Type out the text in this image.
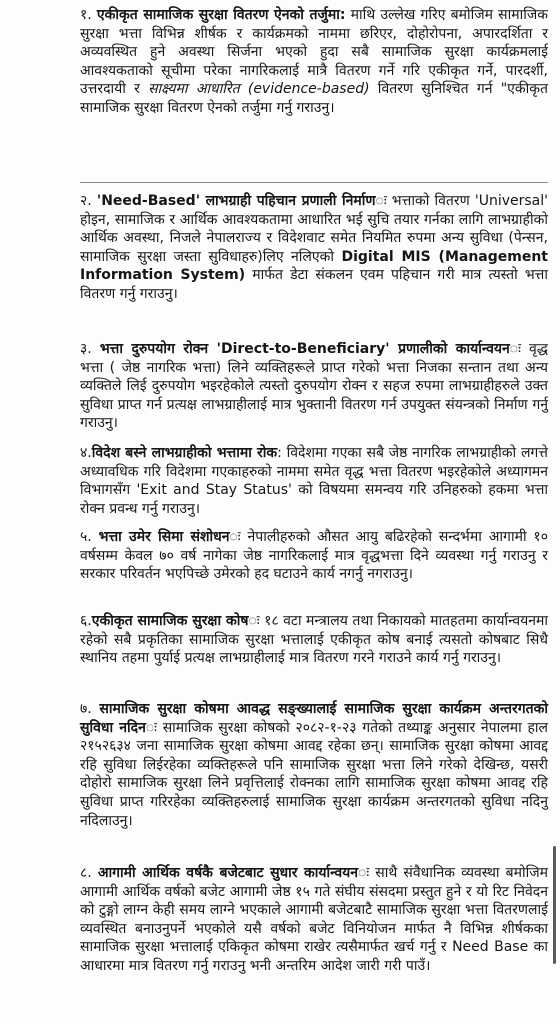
१. एकीकृत सामाजिक सुरक्षा वितरण ऐनको तर्जुमा: माथि उल्लेख गरिए बमोजिम सामाजिक सुरक्षा भत्ता विभिन्न शीर्षक र कार्यक्रमको नाममा छरिएर, दोहोरोपना, अपारदर्शिता र अव्यवस्थित हुने अवस्था सिर्जना भएको हुदा सबै सामाजिक सुरक्षा कार्यक्रमलाई आवश्यकताको सूचीमा परेका नागरिकलाई मात्रै वितरण गर्ने गरि एकीकृत गर्ने, पारदर्शी, उत्तरदायी र साक्ष्यमा आधारित (evidence-based) वितरण सुनिश्चित गर्न "एकीकृत सामाजिक सुरक्षा वितरण ऐनको तर्जुमा गर्नु गराउनु।

२. 'Need-Based' लाभग्राही पहिचान प्रणाली निर्माणः भत्ताको वितरण 'Universal' होइन, सामाजिक र आर्थिक आवश्यकतामा आधारित भई सुचि तयार गर्नका लागि लाभग्राहीको आर्थिक अवस्था, निजले नेपालराज्य र विदेशवाट समेत नियमित रुपमा अन्य सुविधा (पेन्सन, सामाजिक सुरक्षा जस्ता सुविधाहरु)लिए नलिएको Digital MIS (Management Information System) मार्फत डेटा संकलन एवम पहिचान गरी मात्र त्यस्तो भत्ता वितरण गर्नु गराउनु।

३. भत्ता दुरुपयोग रोक्न 'Direct-to-Beneficiary' प्रणालीको कार्यान्वयनः वृद्ध भत्ता ( जेष्ठ नागरिक भत्ता) लिने व्यक्तिहरूले प्राप्त गरेको भत्ता निजका सन्तान तथा अन्य व्यक्तिले लिई दुरुपयोग भइरहेकोले त्यस्तो दुरुपयोग रोक्न र सहज रुपमा लाभग्राहीहरुले उक्त सुविधा प्राप्त गर्न प्रत्यक्ष लाभग्राहीलाई मात्र भुक्तानी वितरण गर्न उपयुक्त संयन्त्रको निर्माण गर्नु गराउनु।

४.विदेश बस्ने लाभग्राहीको भत्तामा रोक: विदेशमा गएका सबै जेष्ठ नागरिक लाभग्राहीको लगत्ते अध्यावधिक गरि विदेशमा गएकाहरुको नाममा समेत वृद्ध भत्ता वितरण भइरहेकोले अध्यागमन विभागसँग 'Exit and Stay Status' को विषयमा समन्वय गरि उनिहरुको हकमा भत्ता रोक्न प्रवन्ध गर्नु गराउनु।

५. भत्ता उमेर सिमा संशोधनः नेपालीहरुको औसत आयु बढिरहेको सन्दर्भमा आगामी १० वर्षसम्म केवल ७० वर्ष नागेका जेष्ठ नागरिकलाई मात्र वृद्धभत्ता दिने व्यवस्था गर्नु गराउनु र सरकार परिवर्तन भएपिच्छे उमेरको हद घटाउने कार्य नगर्नु नगराउनु।

६.एकीकृत सामाजिक सुरक्षा कोषः १८ वटा मन्त्रालय तथा निकायको मातहतमा कार्यान्वयनमा रहेको सबै प्रकृतिका सामाजिक सुरक्षा भत्तालाई एकीकृत कोष बनाई त्यसतो कोषबाट सिधै स्थानिय तहमा पुर्याई प्रत्यक्ष लाभग्राहीलाई मात्र वितरण गरने गराउने कार्य गर्नु गराउनु।

७. सामाजिक सुरक्षा कोषमा आवद्ध सङ्ख्यालाई सामाजिक सुरक्षा कार्यक्रम अन्तरगतको सुविधा नदिनः सामाजिक सुरक्षा कोषको २०८२-१-२३ गतेको तथ्याङ्क अनुसार नेपालमा हाल २१५२६३४ जना सामाजिक सुरक्षा कोषमा आवद्द रहेका छन्। सामाजिक सुरक्षा कोषमा आवद्द रहि सुविधा लिईरहेका व्यक्तिहरूले पनि सामाजिक सुरक्षा भत्ता लिने गरेको देखिन्छ, यसरी दोहोरो सामाजिक सुरक्षा लिने प्रवृत्तिलाई रोक्नका लागि सामाजिक सुरक्षा कोषमा आवद्द रहि सुविधा प्राप्त गरिरहेका व्यक्तिहरुलाई सामाजिक सुरक्षा कार्यक्रम अन्तरगतको सुविधा नदिनु नदिलाउनु।

८. आगामी आर्थिक वर्षकै बजेटबाट सुधार कार्यान्वयनः साथै संवैधानिक व्यवस्था बमोजिम आगामी आर्थिक वर्षको बजेट आगामी जेष्ठ १५ गते संघीय संसदमा प्रस्तुत हुने र यो रिट निवेदन को टुङ्गो लाग्न केही समय लाग्ने भएकाले आगामी बजेटबाटै सामाजिक सुरक्षा भत्ता वितरणलाई व्यवस्थित बनाउनुपर्ने भएकोले यसै वर्षको बजेट विनियोजन मार्फत नै विभिन्न शीर्षकका सामाजिक सुरक्षा भत्तालाई एकिकृत कोषमा राखेर त्यसैमार्फत खर्च गर्नु र Need Base का आधारमा मात्र वितरण गर्नु गराउनु भनी अन्तरिम आदेश जारी गरी पाउँ।
